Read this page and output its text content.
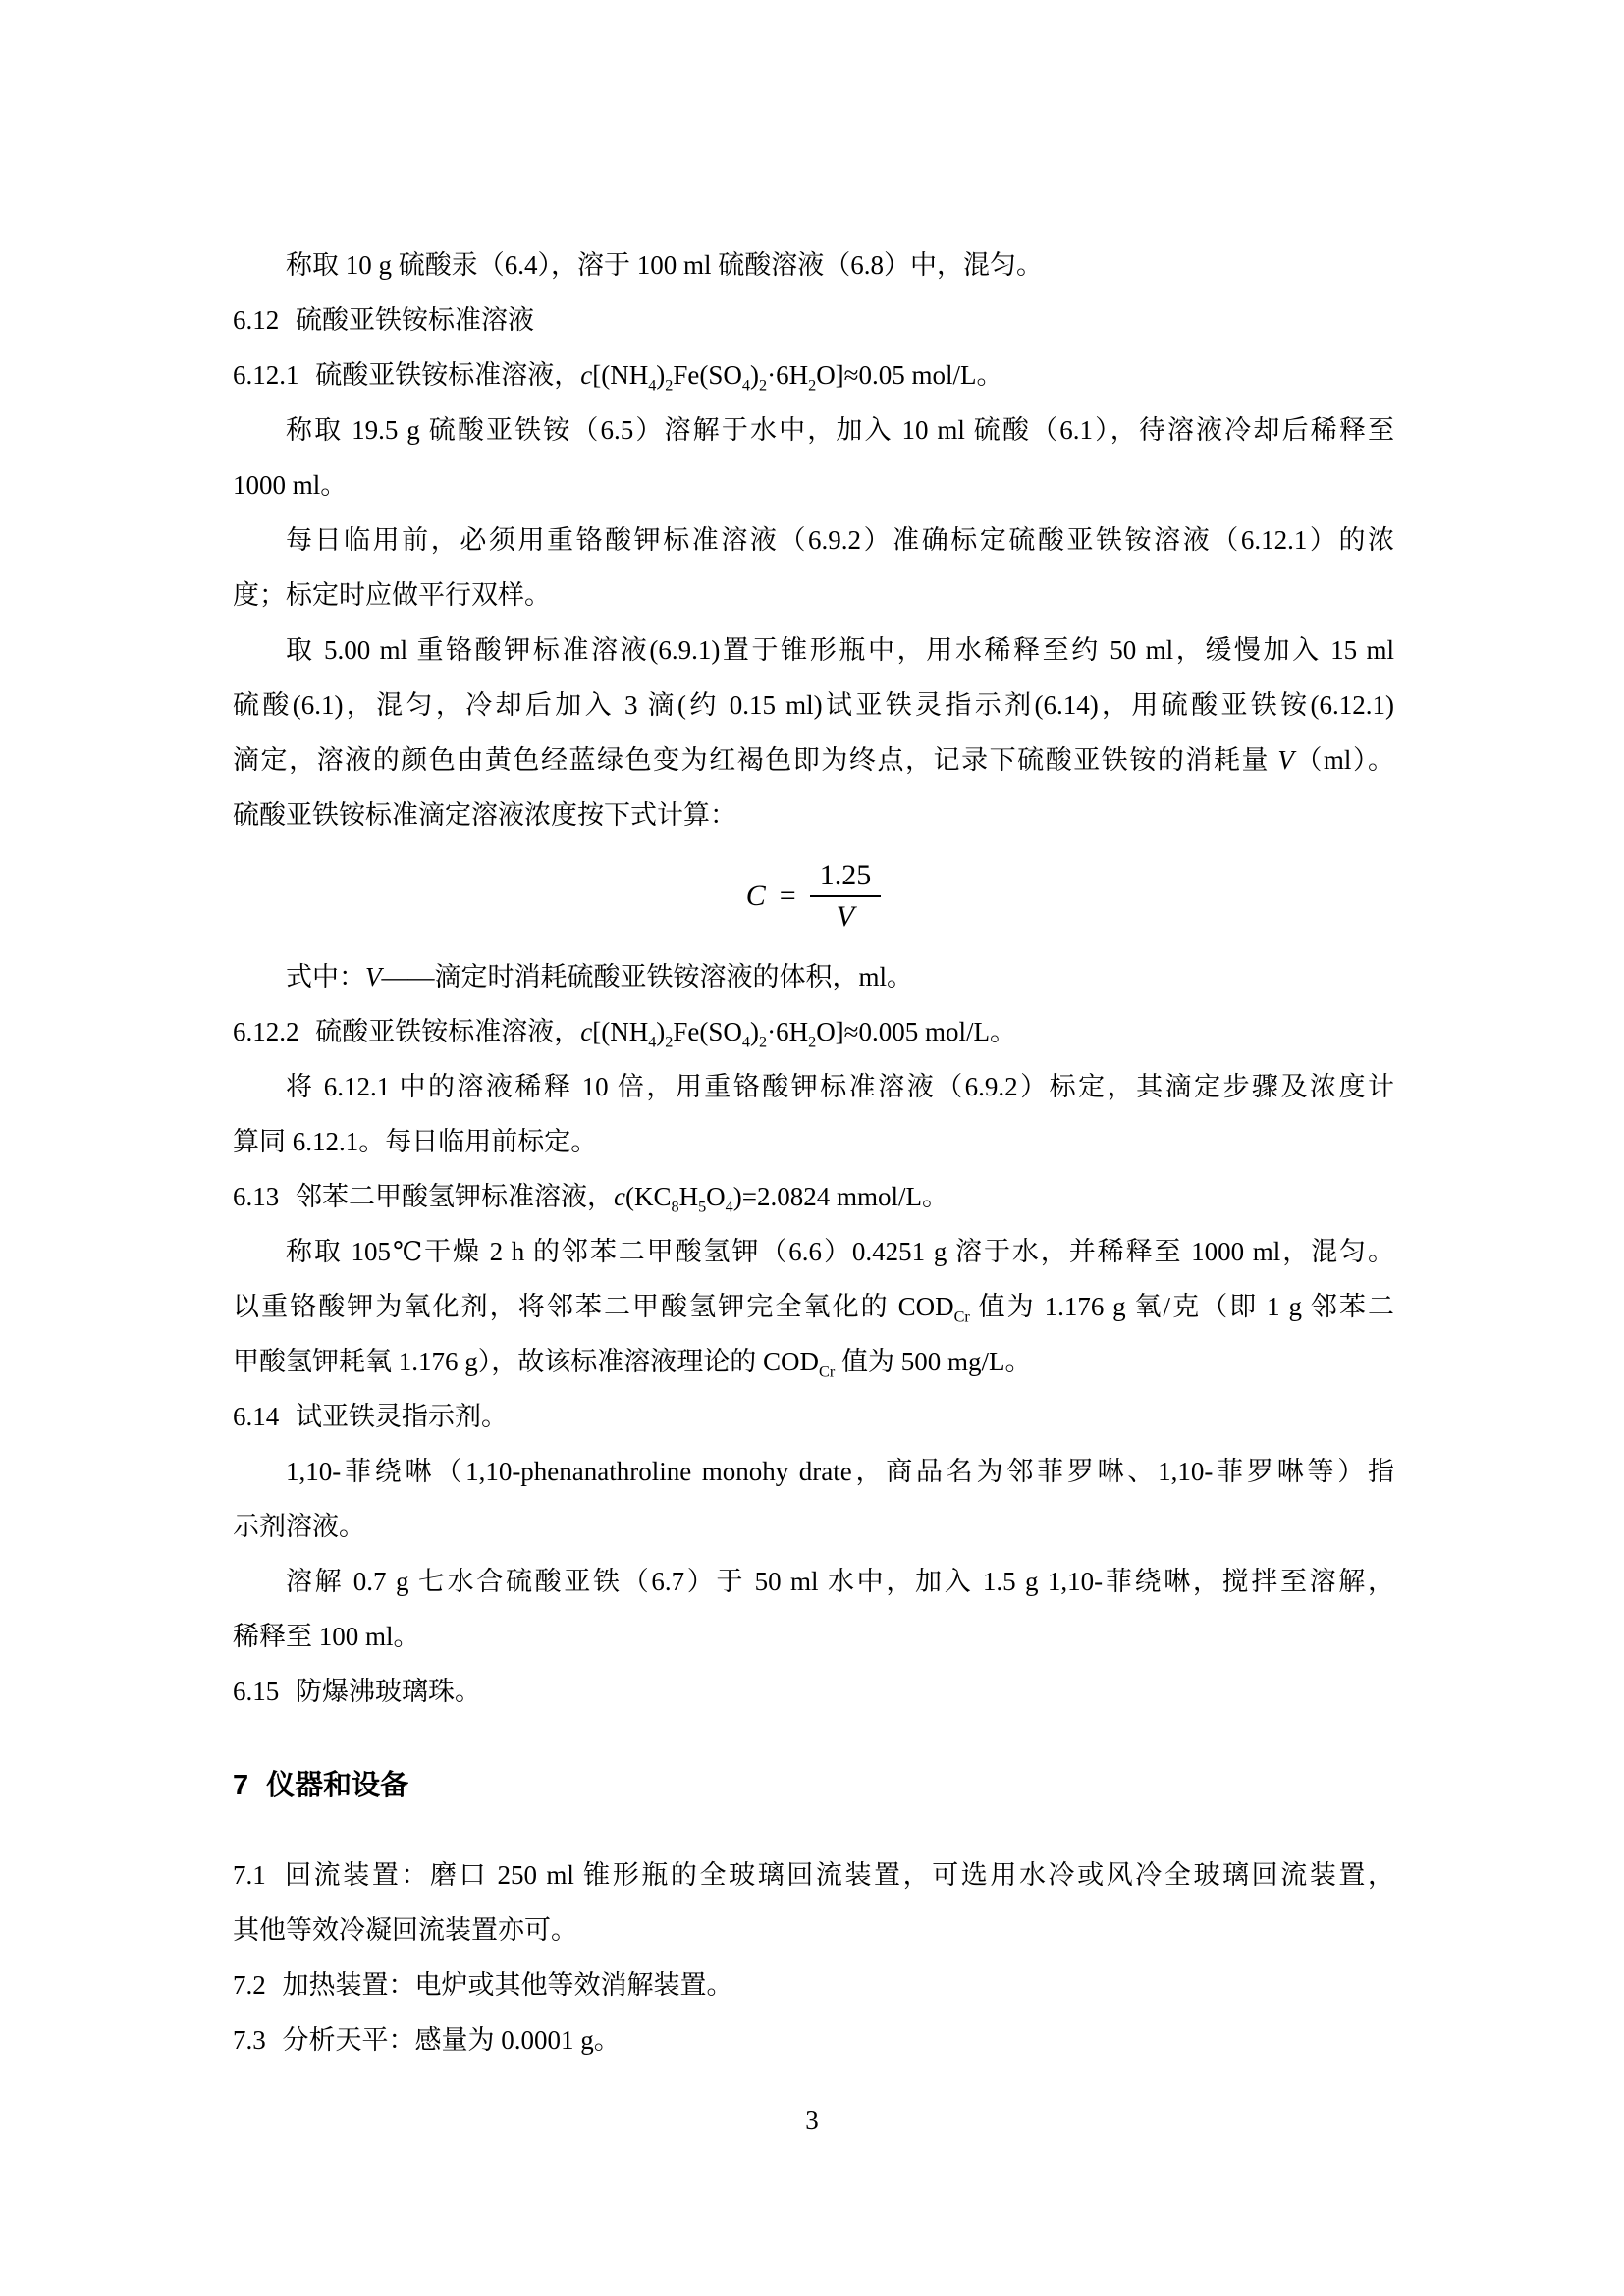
称取 10 g 硫酸汞（6.4），溶于 100 ml 硫酸溶液（6.8）中，混匀。
6.12 硫酸亚铁铵标准溶液
6.12.1 硫酸亚铁铵标准溶液，$c[(NH_4)_2Fe(SO_4)_2\cdot 6H_2O]\approx 0.05$ mol/L。
称取 19.5 g 硫酸亚铁铵（6.5）溶解于水中，加入 10 ml 硫酸（6.1），待溶液冷却后稀释至
1000 ml。
每日临用前，必须用重铬酸钾标准溶液（6.9.2）准确标定硫酸亚铁铵溶液（6.12.1）的浓
度；标定时应做平行双样。
取 5.00 ml 重铬酸钾标准溶液(6.9.1)置于锥形瓶中，用水稀释至约 50 ml，缓慢加入 15 ml
硫酸(6.1)，混匀，冷却后加入 3 滴(约 0.15 ml)试亚铁灵指示剂(6.14)，用硫酸亚铁铵(6.12.1)
滴定，溶液的颜色由黄色经蓝绿色变为红褐色即为终点，记录下硫酸亚铁铵的消耗量 V（ml）。
硫酸亚铁铵标准滴定溶液浓度按下式计算：
$C = \frac{1.25}{V}$
式中：V——滴定时消耗硫酸亚铁铵溶液的体积，ml。
6.12.2 硫酸亚铁铵标准溶液，$c[(NH_4)_2Fe(SO_4)_2\cdot 6H_2O]\approx 0.005$ mol/L。
将 6.12.1 中的溶液稀释 10 倍，用重铬酸钾标准溶液（6.9.2）标定，其滴定步骤及浓度计
算同 6.12.1。每日临用前标定。
6.13 邻苯二甲酸氢钾标准溶液，$c(KC_8H_5O_4)=2.0824$ mmol/L。
称取 105℃干燥 2 h 的邻苯二甲酸氢钾（6.6）0.4251 g 溶于水，并稀释至 1000 ml，混匀。
以重铬酸钾为氧化剂，将邻苯二甲酸氢钾完全氧化的 $COD_{Cr}$ 值为 1.176 g 氧/克（即 1 g 邻苯二
甲酸氢钾耗氧 1.176 g），故该标准溶液理论的 $COD_{Cr}$ 值为 500 mg/L。
6.14 试亚铁灵指示剂。
1,10-菲绕啉（1,10-phenanathroline monohy drate，商品名为邻菲罗啉、1,10-菲罗啉等）指
示剂溶液。
溶解 0.7 g 七水合硫酸亚铁（6.7）于 50 ml 水中，加入 1.5 g 1,10-菲绕啉，搅拌至溶解，
稀释至 100 ml。
6.15 防爆沸玻璃珠。
7 仪器和设备
7.1 回流装置：磨口 250 ml 锥形瓶的全玻璃回流装置，可选用水冷或风冷全玻璃回流装置，
其他等效冷凝回流装置亦可。
7.2 加热装置：电炉或其他等效消解装置。
7.3 分析天平：感量为 0.0001 g。
3
